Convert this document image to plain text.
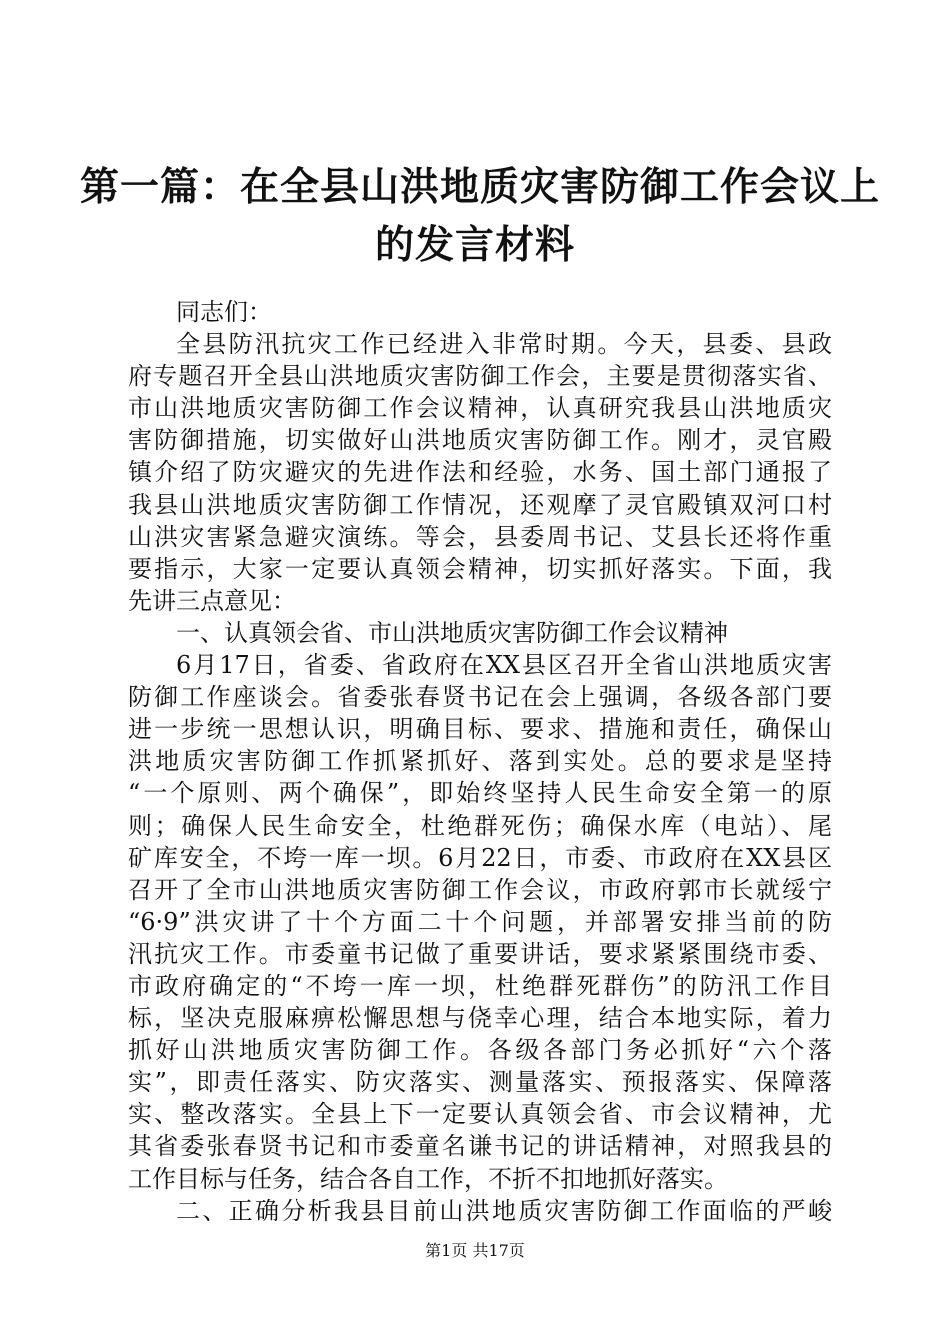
第一篇：在全县山洪地质灾害防御工作会议上
的发言材料
同志们：
全县防汛抗灾工作已经进入非常时期。今天，县委、县政
府专题召开全县山洪地质灾害防御工作会，主要是贯彻落实省、
市山洪地质灾害防御工作会议精神，认真研究我县山洪地质灾
害防御措施，切实做好山洪地质灾害防御工作。刚才，灵官殿
镇介绍了防灾避灾的先进作法和经验，水务、国土部门通报了
我县山洪地质灾害防御工作情况，还观摩了灵官殿镇双河口村
山洪灾害紧急避灾演练。等会，县委周书记、艾县长还将作重
要指示，大家一定要认真领会精神，切实抓好落实。下面，我
先讲三点意见：
一、认真领会省、市山洪地质灾害防御工作会议精神
6月17日，省委、省政府在XX县区召开全省山洪地质灾害
防御工作座谈会。省委张春贤书记在会上强调，各级各部门要
进一步统一思想认识，明确目标、要求、措施和责任，确保山
洪地质灾害防御工作抓紧抓好、落到实处。总的要求是坚持
“一个原则、两个确保”，即始终坚持人民生命安全第一的原
则；确保人民生命安全，杜绝群死伤；确保水库（电站）、尾
矿库安全，不垮一库一坝。6月22日，市委、市政府在XX县区
召开了全市山洪地质灾害防御工作会议，市政府郭市长就绥宁
“6·9”洪灾讲了十个方面二十个问题，并部署安排当前的防
汛抗灾工作。市委童书记做了重要讲话，要求紧紧围绕市委、
市政府确定的“不垮一库一坝，杜绝群死群伤”的防汛工作目
标，坚决克服麻痹松懈思想与侥幸心理，结合本地实际，着力
抓好山洪地质灾害防御工作。各级各部门务必抓好“六个落
实”，即责任落实、防灾落实、测量落实、预报落实、保障落
实、整改落实。全县上下一定要认真领会省、市会议精神，尤
其省委张春贤书记和市委童名谦书记的讲话精神，对照我县的
工作目标与任务，结合各自工作，不折不扣地抓好落实。
二、正确分析我县目前山洪地质灾害防御工作面临的严峻
第1页 共17页
